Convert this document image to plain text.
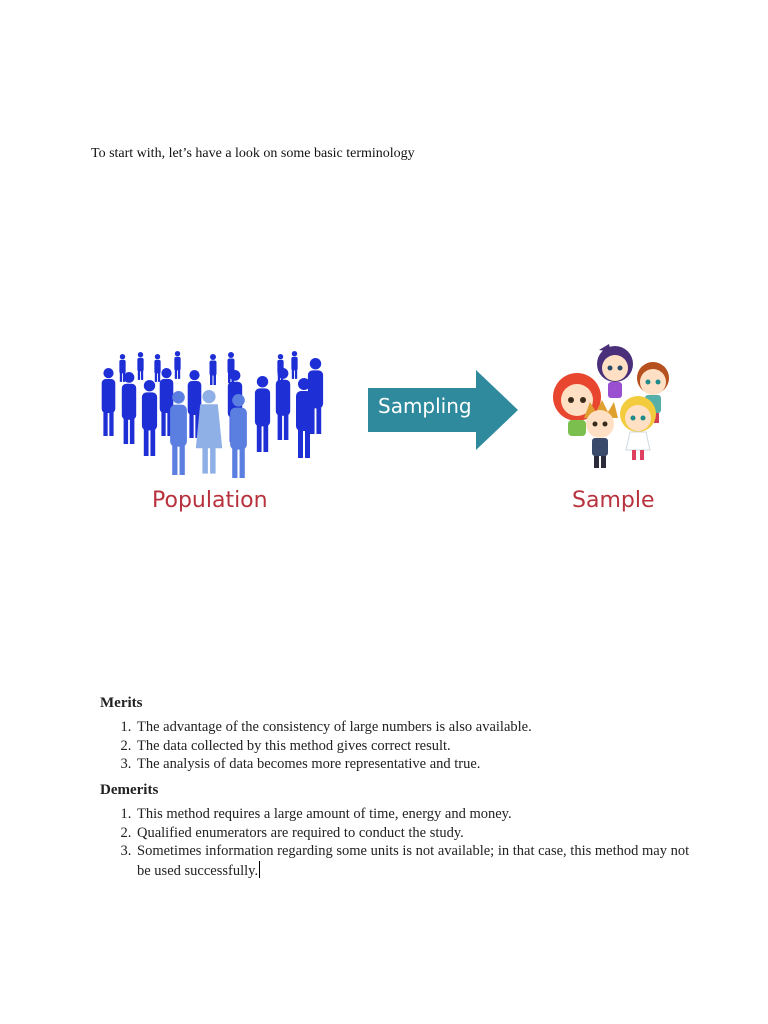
To start with, let’s have a look on some basic terminology

Sampling

Population	Sample

Merits
1. The advantage of the consistency of large numbers is also available.
2. The data collected by this method gives correct result.
3. The analysis of data becomes more representative and true.
Demerits
1. This method requires a large amount of time, energy and money.
2. Qualified enumerators are required to conduct the study.
3. Sometimes information regarding some units is not available; in that case, this method may not be used successfully.
